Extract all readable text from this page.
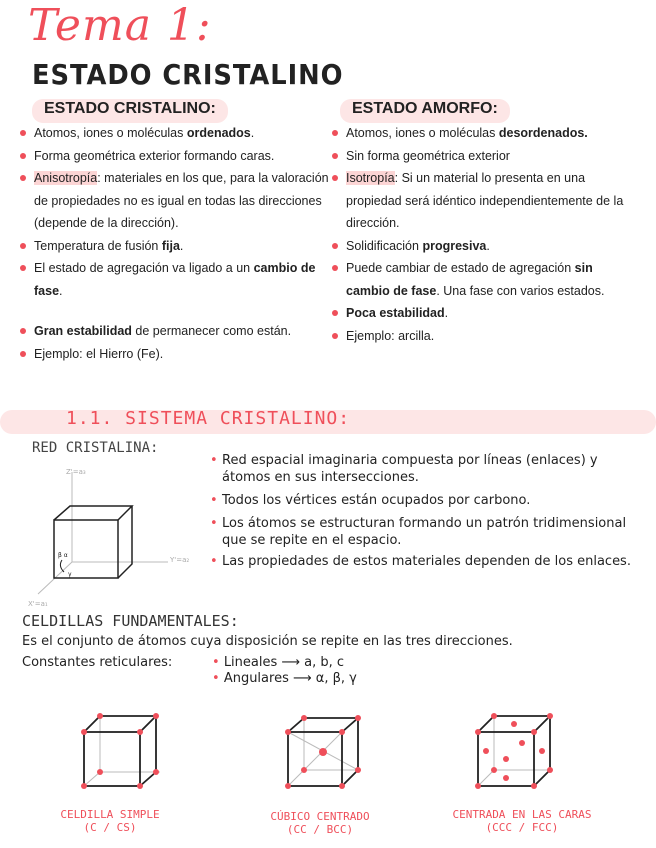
Tema 1:
ESTADO CRISTALINO
ESTADO CRISTALINO:	ESTADO AMORFO:
Atomos, iones o moléculas ordenados.
Forma geométrica exterior formando caras.
Anisotropía: materiales en los que, para la valoración de propiedades no es igual en todas las direcciones (depende de la dirección).
Temperatura de fusión fija.
El estado de agregación va ligado a un cambio de fase.
Gran estabilidad de permanecer como están.
Ejemplo: el Hierro (Fe).
Atomos, iones o moléculas desordenados.
Sin forma geométrica exterior
Isotropía: Si un material lo presenta en una propiedad será idéntico independientemente de la dirección.
Solidificación progresiva.
Puede cambiar de estado de agregación sin cambio de fase. Una fase con varios estados.
Poca estabilidad.
Ejemplo: arcilla.
1.1. SISTEMA CRISTALINO:
RED CRISTALINA:
Z'=a₃
Y'=a₂
X'=a₁
β α
γ
• Red espacial imaginaria compuesta por líneas (enlaces) y átomos en sus intersecciones.
• Todos los vértices están ocupados por carbono.
• Los átomos se estructuran formando un patrón tridimensional que se repite en el espacio.
• Las propiedades de estos materiales dependen de los enlaces.
CELDILLAS FUNDAMENTALES:
Es el conjunto de átomos cuya disposición se repite en las tres direcciones.
Constantes reticulares:	• Lineales ⟶ a, b, c
• Angulares ⟶ α, β, γ
CELDILLA SIMPLE
(C / CS)
CÚBICO CENTRADO
(CC / BCC)
CENTRADA EN LAS CARAS
(CCC / FCC)
